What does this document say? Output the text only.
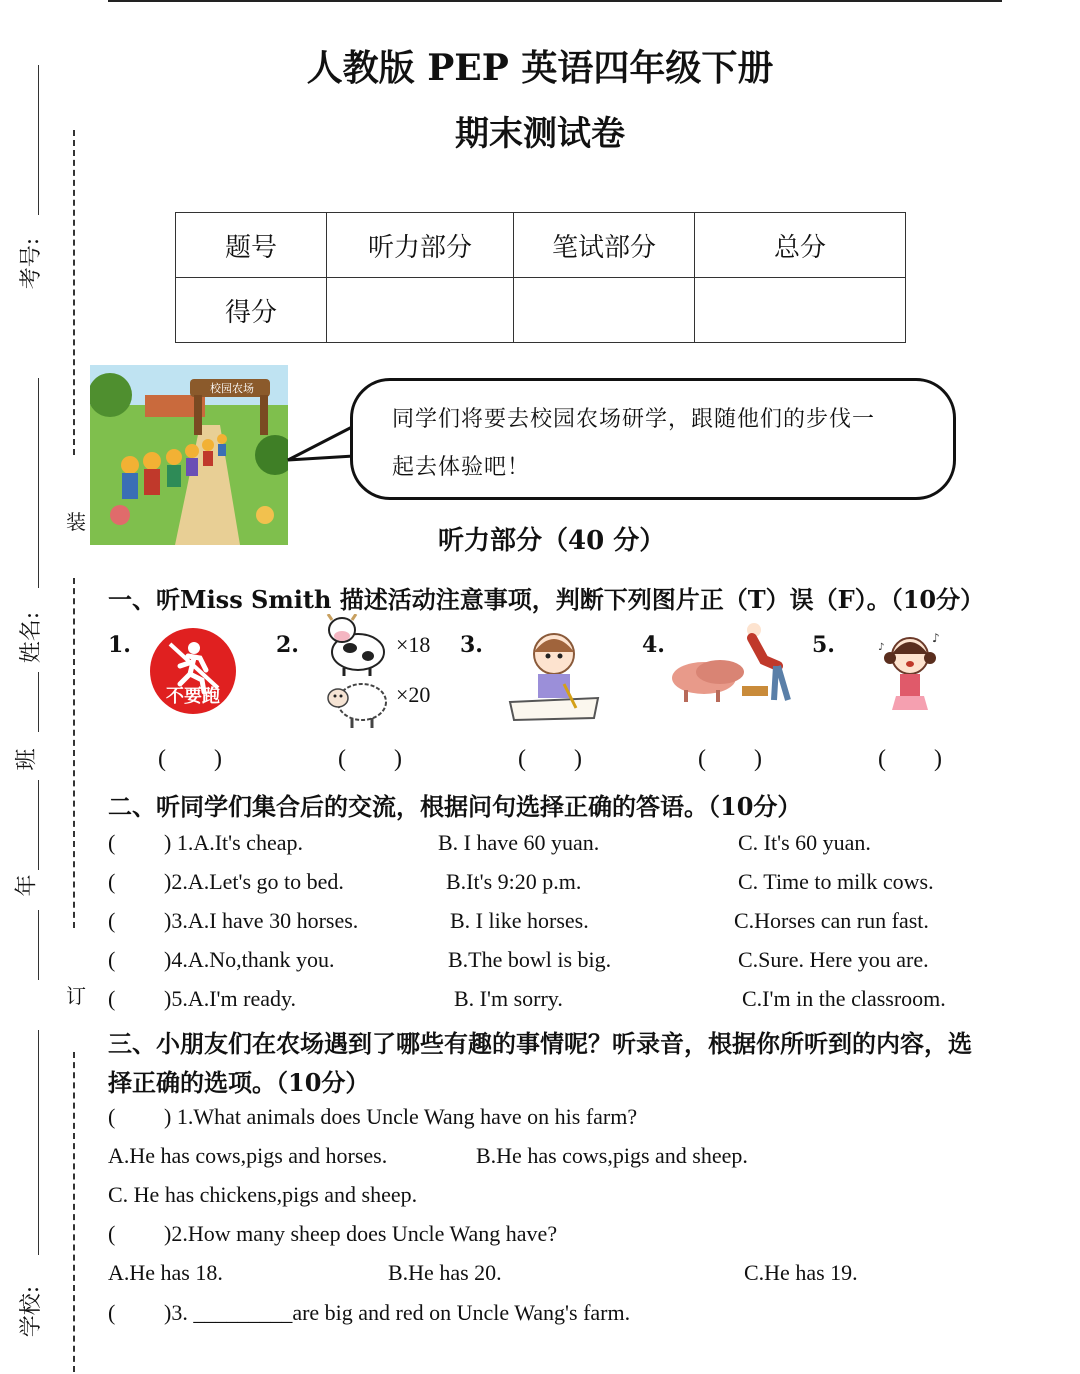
考号:
姓名:
班
年
学校:
装
订
人教版 PEP 英语四年级下册
期末测试卷
题号	听力部分	笔试部分	总分
得分			
校园农场
同学们将要去校园农场研学，跟随他们的步伐一
起去体验吧！
听力部分（40 分）
一、听Miss Smith 描述活动注意事项，判断下列图片正（T）误（F）。（10分）
1.
不要跑
2.	×18
×20
3.	4.	5.	♪
♪
(　　)	(　　)	(　　)	(　　)	(　　)
二、听同学们集合后的交流，根据问句选择正确的答语。（10分）
( ) 1.A.It's cheap.	B. I have 60 yuan.	C. It's 60 yuan.
( )2.A.Let's go to bed.	B.It's 9:20 p.m.	C. Time to milk cows.
( )3.A.I have 30 horses.	B. I like horses.	C.Horses can run fast.
( )4.A.No,thank you.	B.The bowl is big.	C.Sure. Here you are.
( )5.A.I'm ready.	B. I'm sorry.	C.I'm in the classroom.
三、小朋友们在农场遇到了哪些有趣的事情呢？听录音，根据你所听到的内容，选
择正确的选项。（10分）
( ) 1.What animals does Uncle Wang have on his farm?
A.He has cows,pigs and horses.	B.He has cows,pigs and sheep.
C. He has chickens,pigs and sheep.
( )2.How many sheep does Uncle Wang have?
A.He has 18.	B.He has 20.	C.He has 19.
( )3. _________are big and red on Uncle Wang's farm.
